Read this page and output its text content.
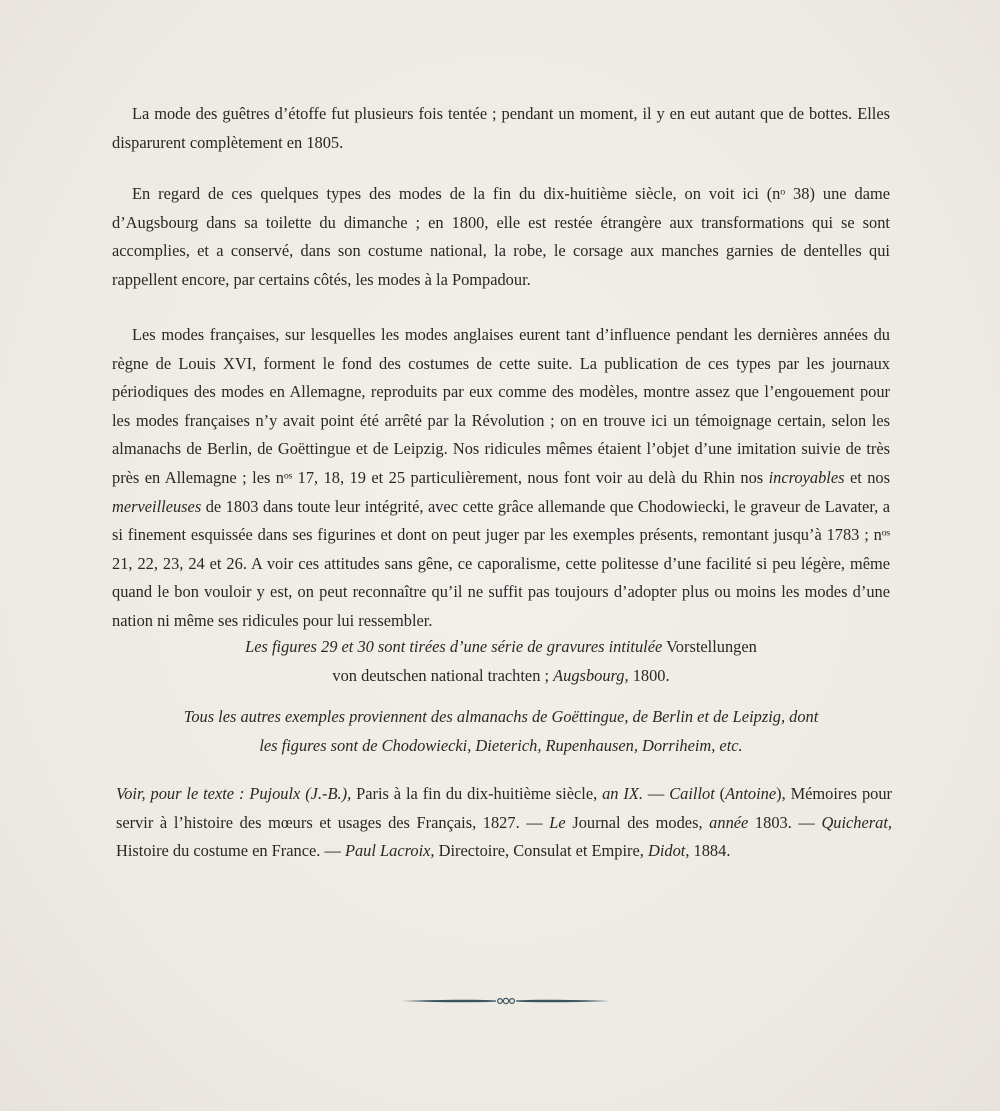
La mode des guêtres d’étoffe fut plusieurs fois tentée ; pendant un moment, il y en eut autant que de bottes. Elles disparurent complètement en 1805.

En regard de ces quelques types des modes de la fin du dix-huitième siècle, on voit ici (nᵒ 38) une dame d’Augsbourg dans sa toilette du dimanche ; en 1800, elle est restée étrangère aux transformations qui se sont accomplies, et a conservé, dans son costume national, la robe, le corsage aux manches garnies de dentelles qui rappellent encore, par certains côtés, les modes à la Pompadour.

Les modes françaises, sur lesquelles les modes anglaises eurent tant d’influence pendant les dernières années du règne de Louis XVI, forment le fond des costumes de cette suite. La publication de ces types par les journaux périodiques des modes en Allemagne, reproduits par eux comme des modèles, montre assez que l’engouement pour les modes françaises n’y avait point été arrêté par la Révolution ; on en trouve ici un témoignage certain, selon les almanachs de Berlin, de Goëttingue et de Leipzig. Nos ridicules mêmes étaient l’objet d’une imitation suivie de très près en Allemagne ; les nᵒˢ 17, 18, 19 et 25 particulièrement, nous font voir au delà du Rhin nos incroyables et nos merveilleuses de 1803 dans toute leur intégrité, avec cette grâce allemande que Chodowiecki, le graveur de Lavater, a si finement esquissée dans ses figurines et dont on peut juger par les exemples présents, remontant jusqu’à 1783 ; nᵒˢ 21, 22, 23, 24 et 26. A voir ces attitudes sans gêne, ce caporalisme, cette politesse d’une facilité si peu légère, même quand le bon vouloir y est, on peut reconnaître qu’il ne suffit pas toujours d’adopter plus ou moins les modes d’une nation ni même ses ridicules pour lui ressembler.

Les figures 29 et 30 sont tirées d’une série de gravures intitulée Vorstellungen
von deutschen national trachten ; Augsbourg, 1800.

Tous les autres exemples proviennent des almanachs de Goëttingue, de Berlin et de Leipzig, dont
les figures sont de Chodowiecki, Dieterich, Rupenhausen, Dorriheim, etc.

Voir, pour le texte : Pujoulx (J.-B.), Paris à la fin du dix-huitième siècle, an IX. — Caillot (Antoine), Mémoires pour servir à l’histoire des mœurs et usages des Français, 1827. — Le Journal des modes, année 1803. — Quicherat, Histoire du costume en France. — Paul Lacroix, Directoire, Consulat et Empire, Didot, 1884.
